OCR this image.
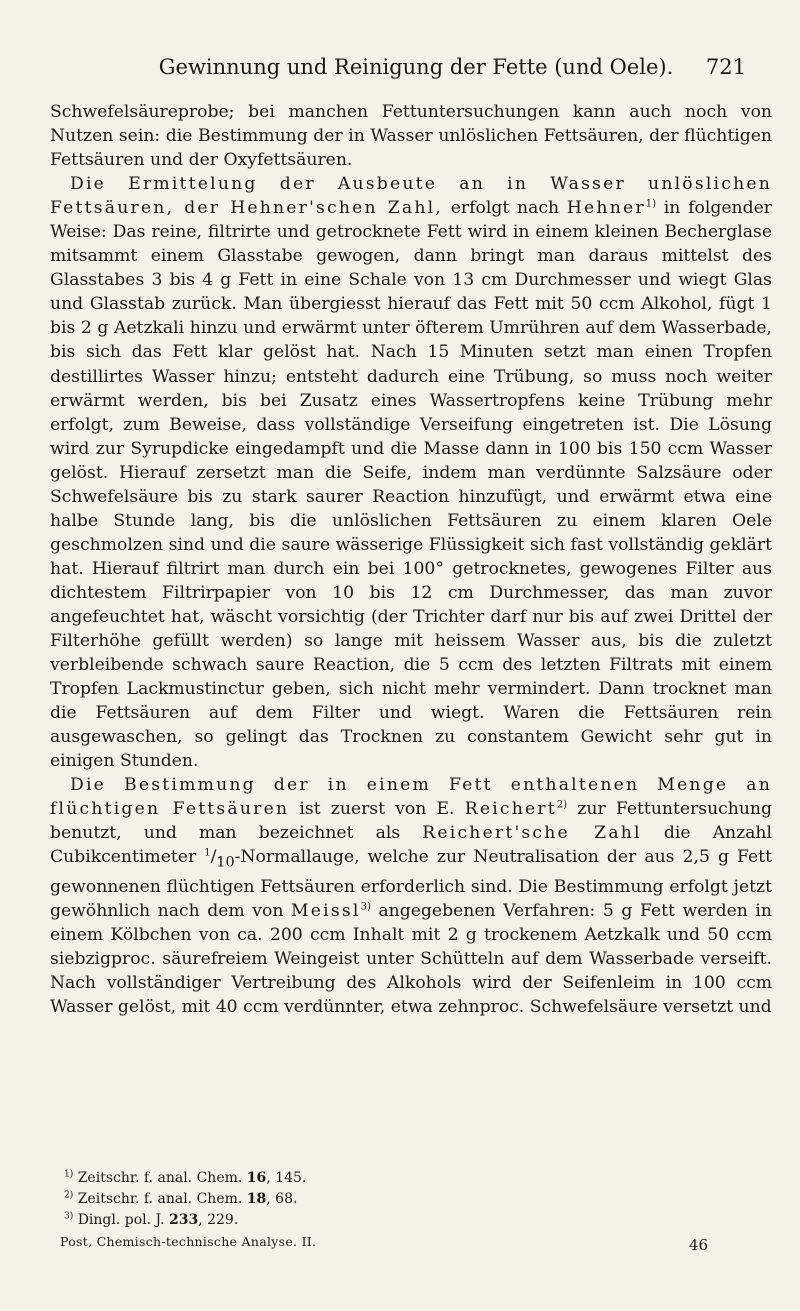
Gewinnung und Reinigung der Fette (und Oele).	721

Schwefelsäureprobe; bei manchen Fettuntersuchungen kann auch noch von Nutzen sein: die Bestimmung der in Wasser unlöslichen Fettsäuren, der flüchtigen Fettsäuren und der Oxyfettsäuren.

Die Ermittelung der Ausbeute an in Wasser unlöslichen Fettsäuren, der Hehner'schen Zahl, erfolgt nach Hehner$^{1)}$ in folgender Weise: Das reine, filtrirte und getrocknete Fett wird in einem kleinen Becherglase mitsammt einem Glasstabe gewogen, dann bringt man daraus mittelst des Glasstabes 3 bis 4 g Fett in eine Schale von 13 cm Durchmesser und wiegt Glas und Glasstab zurück. Man übergiesst hierauf das Fett mit 50 ccm Alkohol, fügt 1 bis 2 g Aetzkali hinzu und erwärmt unter öfterem Umrühren auf dem Wasserbade, bis sich das Fett klar gelöst hat. Nach 15 Minuten setzt man einen Tropfen destillirtes Wasser hinzu; entsteht dadurch eine Trübung, so muss noch weiter erwärmt werden, bis bei Zusatz eines Wassertropfens keine Trübung mehr erfolgt, zum Beweise, dass vollständige Verseifung eingetreten ist. Die Lösung wird zur Syrupdicke eingedampft und die Masse dann in 100 bis 150 ccm Wasser gelöst. Hierauf zersetzt man die Seife, indem man verdünnte Salzsäure oder Schwefelsäure bis zu stark saurer Reaction hinzufügt, und erwärmt etwa eine halbe Stunde lang, bis die unlöslichen Fettsäuren zu einem klaren Oele geschmolzen sind und die saure wässerige Flüssigkeit sich fast vollständig geklärt hat. Hierauf filtrirt man durch ein bei 100° getrocknetes, gewogenes Filter aus dichtestem Filtrirpapier von 10 bis 12 cm Durchmesser, das man zuvor angefeuchtet hat, wäscht vorsichtig (der Trichter darf nur bis auf zwei Drittel der Filterhöhe gefüllt werden) so lange mit heissem Wasser aus, bis die zuletzt verbleibende schwach saure Reaction, die 5 ccm des letzten Filtrats mit einem Tropfen Lackmustinctur geben, sich nicht mehr vermindert. Dann trocknet man die Fettsäuren auf dem Filter und wiegt. Waren die Fettsäuren rein ausgewaschen, so gelingt das Trocknen zu constantem Gewicht sehr gut in einigen Stunden.

Die Bestimmung der in einem Fett enthaltenen Menge an flüchtigen Fettsäuren ist zuerst von E. Reichert$^{2)}$ zur Fettuntersuchung benutzt, und man bezeichnet als Reichert'sche Zahl die Anzahl Cubikcentimeter $^1/_{10}$-Normallauge, welche zur Neutralisation der aus 2,5 g Fett gewonnenen flüchtigen Fettsäuren erforderlich sind. Die Bestimmung erfolgt jetzt gewöhnlich nach dem von Meissl$^{3)}$ angegebenen Verfahren: 5 g Fett werden in einem Kölbchen von ca. 200 ccm Inhalt mit 2 g trockenem Aetzkalk und 50 ccm siebzigproc. säurefreiem Weingeist unter Schütteln auf dem Wasserbade verseift. Nach vollständiger Vertreibung des Alkohols wird der Seifenleim in 100 ccm Wasser gelöst, mit 40 ccm verdünnter, etwa zehnproc. Schwefelsäure versetzt und

$^{1)}$ Zeitschr. f. anal. Chem. 16, 145.

$^{2)}$ Zeitschr. f. anal. Chem. 18, 68.

$^{3)}$ Dingl. pol. J. 233, 229.

Post, Chemisch-technische Analyse. II.	46
